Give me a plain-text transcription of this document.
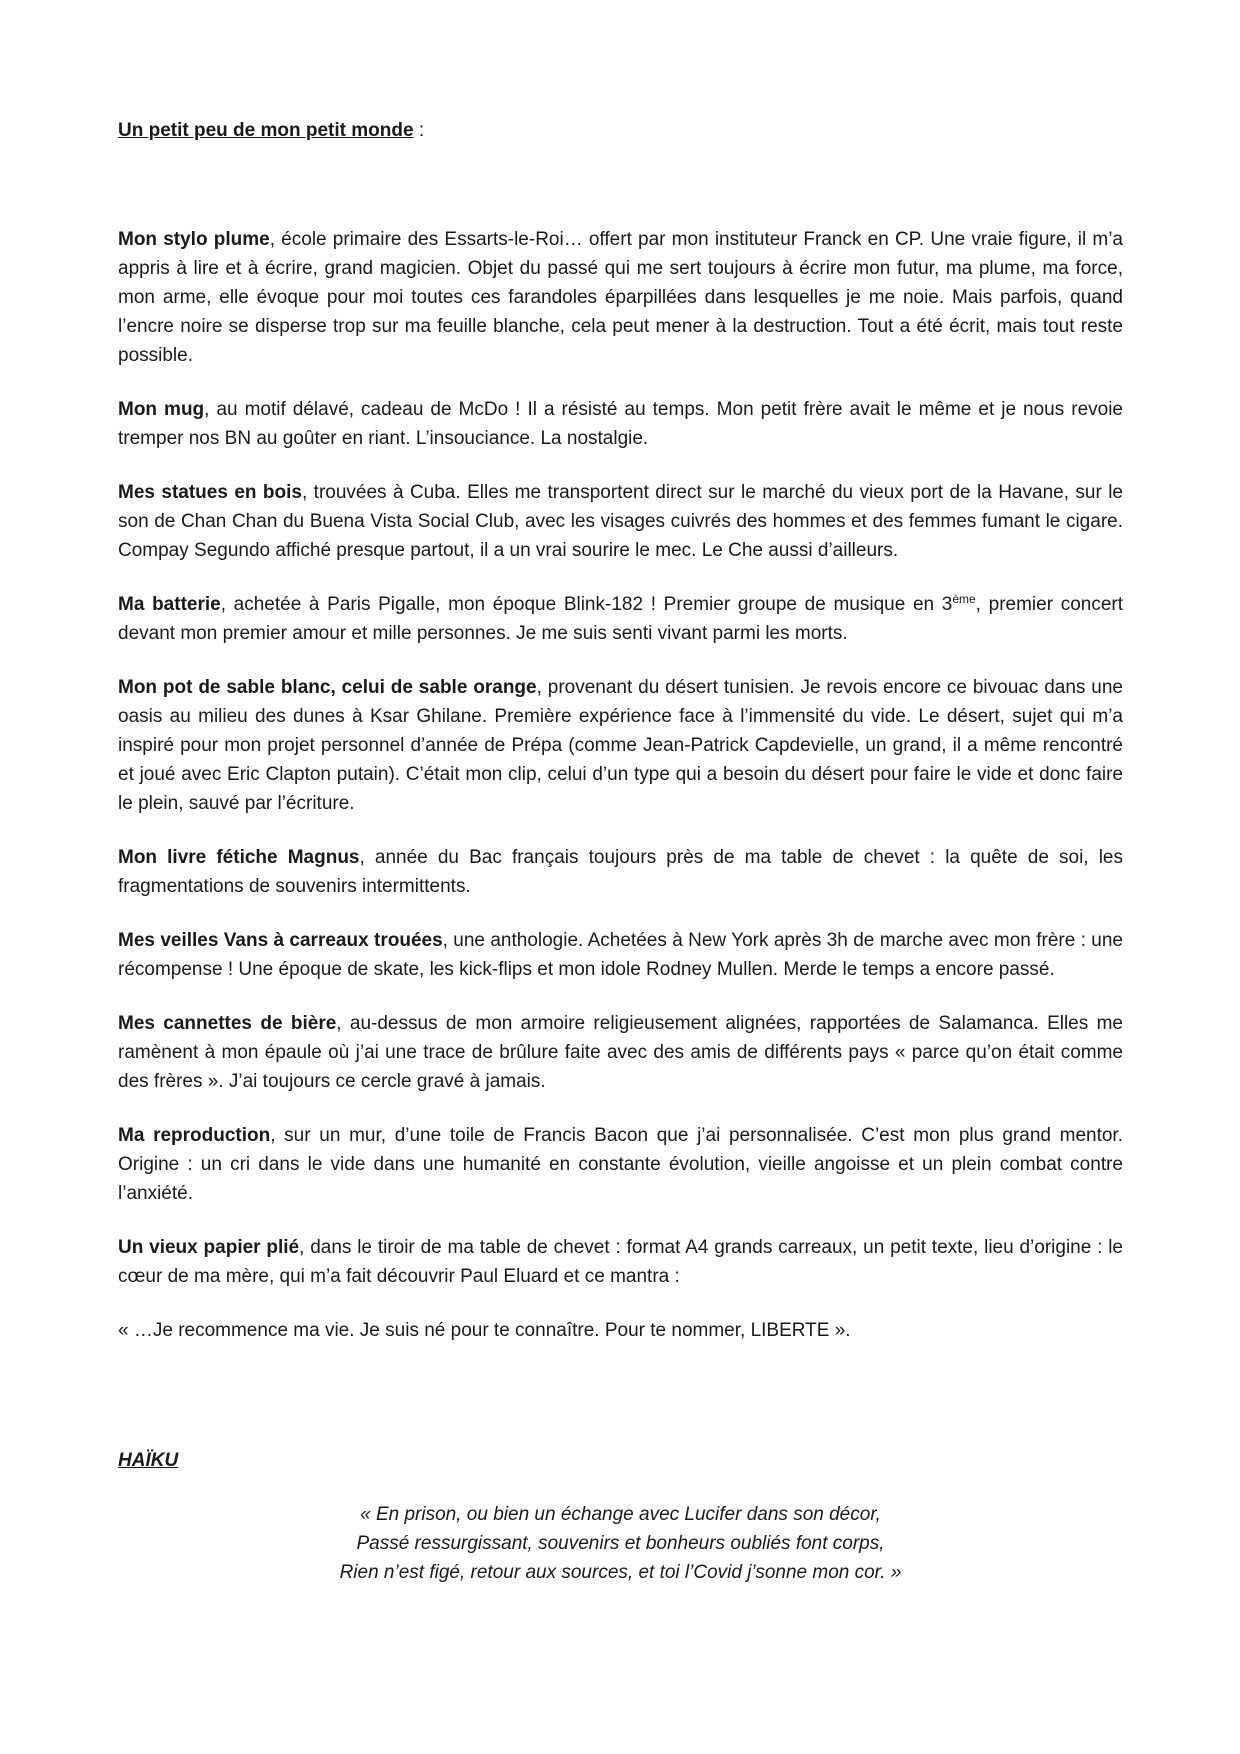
Un petit peu de mon petit monde :

Mon stylo plume, école primaire des Essarts-le-Roi… offert par mon instituteur Franck en CP. Une vraie figure, il m’a appris à lire et à écrire, grand magicien. Objet du passé qui me sert toujours à écrire mon futur, ma plume, ma force, mon arme, elle évoque pour moi toutes ces farandoles éparpillées dans lesquelles je me noie. Mais parfois, quand l’encre noire se disperse trop sur ma feuille blanche, cela peut mener à la destruction. Tout a été écrit, mais tout reste possible.

Mon mug, au motif délavé, cadeau de McDo ! Il a résisté au temps. Mon petit frère avait le même et je nous revoie tremper nos BN au goûter en riant. L’insouciance. La nostalgie.

Mes statues en bois, trouvées à Cuba. Elles me transportent direct sur le marché du vieux port de la Havane, sur le son de Chan Chan du Buena Vista Social Club, avec les visages cuivrés des hommes et des femmes fumant le cigare. Compay Segundo affiché presque partout, il a un vrai sourire le mec. Le Che aussi d’ailleurs.

Ma batterie, achetée à Paris Pigalle, mon époque Blink-182 ! Premier groupe de musique en 3ème, premier concert devant mon premier amour et mille personnes. Je me suis senti vivant parmi les morts.

Mon pot de sable blanc, celui de sable orange, provenant du désert tunisien. Je revois encore ce bivouac dans une oasis au milieu des dunes à Ksar Ghilane. Première expérience face à l’immensité du vide. Le désert, sujet qui m’a inspiré pour mon projet personnel d’année de Prépa (comme Jean-Patrick Capdevielle, un grand, il a même rencontré et joué avec Eric Clapton putain). C’était mon clip, celui d’un type qui a besoin du désert pour faire le vide et donc faire le plein, sauvé par l’écriture.

Mon livre fétiche Magnus, année du Bac français toujours près de ma table de chevet : la quête de soi, les fragmentations de souvenirs intermittents.

Mes veilles Vans à carreaux trouées, une anthologie. Achetées à New York après 3h de marche avec mon frère : une récompense ! Une époque de skate, les kick-flips et mon idole Rodney Mullen. Merde le temps a encore passé.

Mes cannettes de bière, au-dessus de mon armoire religieusement alignées, rapportées de Salamanca. Elles me ramènent à mon épaule où j’ai une trace de brûlure faite avec des amis de différents pays « parce qu’on était comme des frères ». J’ai toujours ce cercle gravé à jamais.

Ma reproduction, sur un mur, d’une toile de Francis Bacon que j’ai personnalisée. C’est mon plus grand mentor. Origine : un cri dans le vide dans une humanité en constante évolution, vieille angoisse et un plein combat contre l’anxiété.

Un vieux papier plié, dans le tiroir de ma table de chevet : format A4 grands carreaux, un petit texte, lieu d’origine : le cœur de ma mère, qui m’a fait découvrir Paul Eluard et ce mantra :

« …Je recommence ma vie. Je suis né pour te connaître. Pour te nommer, LIBERTE ».

HAÏKU

« En prison, ou bien un échange avec Lucifer dans son décor,
Passé ressurgissant, souvenirs et bonheurs oubliés font corps,
Rien n’est figé, retour aux sources, et toi l’Covid j’sonne mon cor. »
